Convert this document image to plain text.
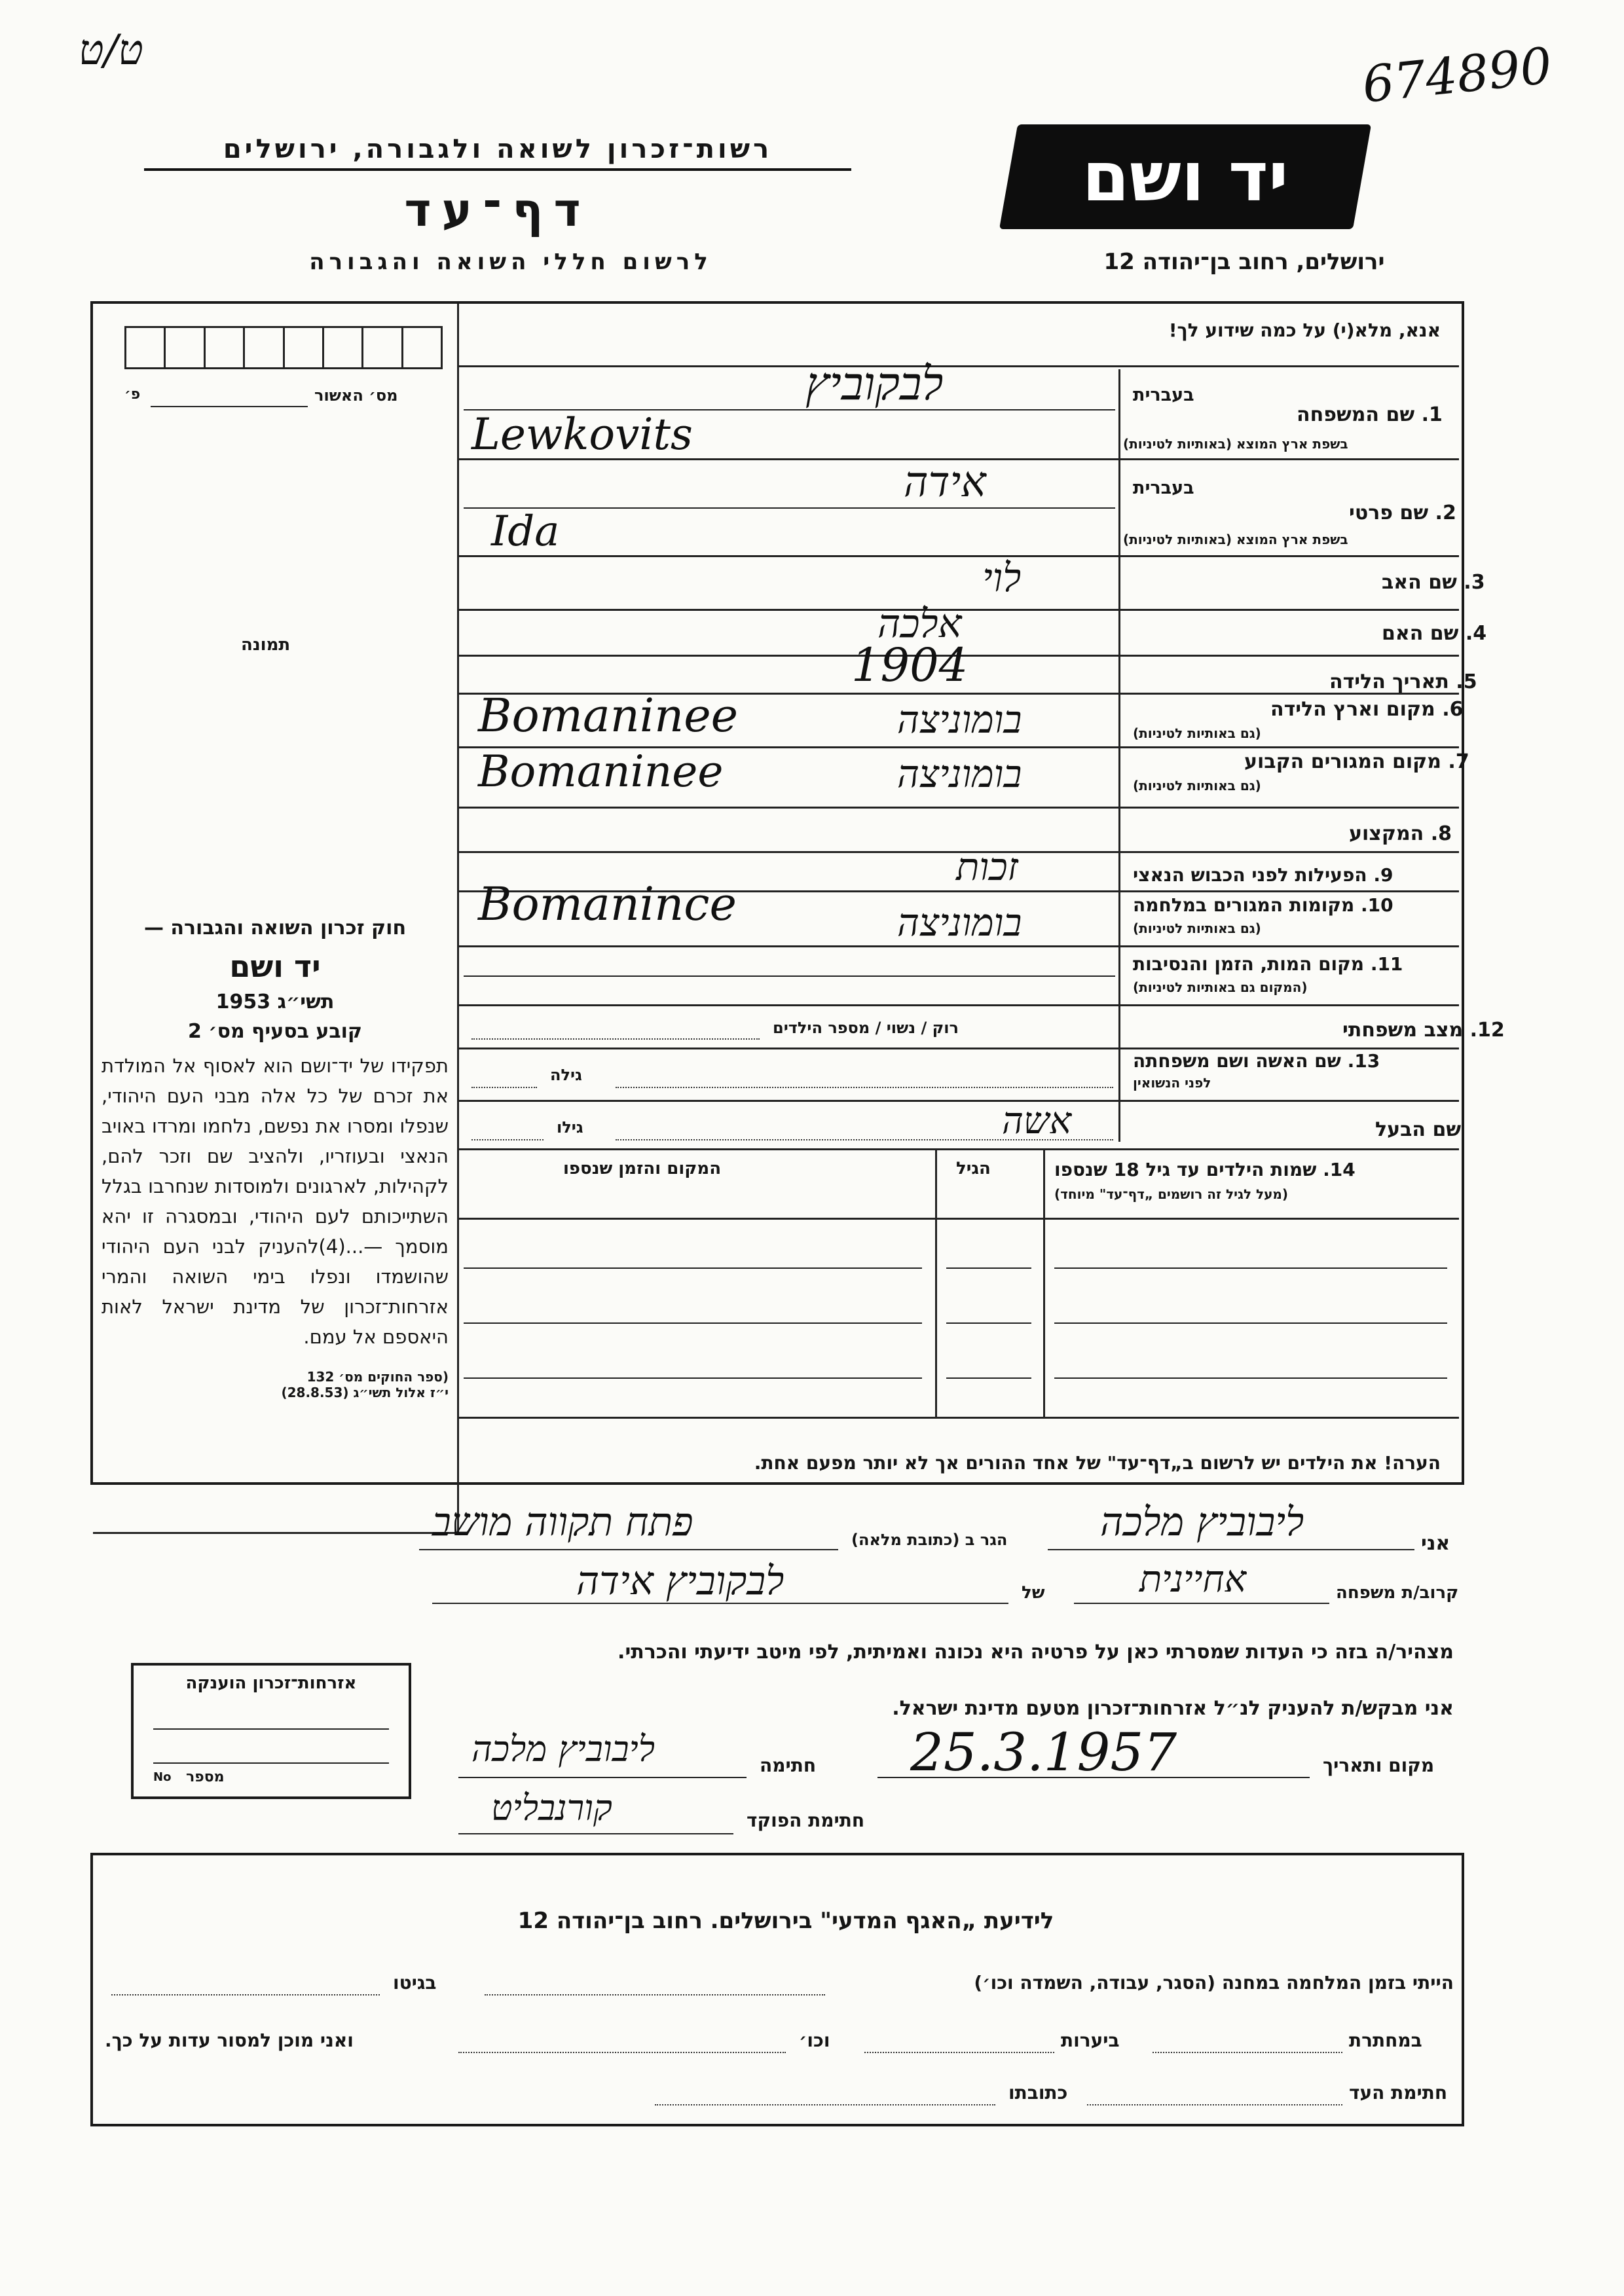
ט/ט	674890
רשות־זכרון לשואה ולגבורה, ירושלים
דף־עד
לרשום חללי השואה והגבורה
יד ושם
ירושלים, רחוב בן־יהודה 12
אנא, מלא(י) על כמה שידוע לך!
מס׳ האשור
פ׳
תמונה
בעברית
1. שם המשפחה
בשפת ארץ המוצא (באותיות לטיניות)
לבקוביץ
Lewkovits
בעברית
2. שם פרטי
בשפת ארץ המוצא (באותיות לטיניות)
אידה
Ida
3. שם האב
לוי
4. שם האם
אלכה
5. תאריך הלידה
1904
6. מקום וארץ הלידה
(גם באותיות לטיניות)
Bomaninee	בומוניצה
7. מקום המגורים הקבוע
(גם באותיות לטיניות)
Bomaninee	בומוניצה
8. המקצוע
9. הפעילות לפני הכבוש הנאצי
זכות
10. מקומות המגורים במלחמה
(גם באותיות לטיניות)
Bomanince	בומוניצה
11. מקום המות, הזמן והנסיבות
(המקום גם באותיות לטיניות)
12. מצב משפחתי
רוק / נשוי / מספר הילדים
13. שם האשה ושם משפחתה
לפני הנשואין
גילה
שם הבעל
אשה
גילו
14. שמות הילדים עד גיל 18 שנספו
(מעל לגיל זה רושמים „דף־עד" מיוחד)
הגיל
המקום והזמן שנספו
הערה! את הילדים יש לרשום ב„דף־עד" של אחד ההורים אך לא יותר מפעם אחת.

חוק זכרון השואה והגבורה —

יד ושם

תשי״ג 1953

קובע בסעיף מס׳ 2

תפקידו של יד־ושם הוא לאסוף אל המולדת את זכרם של כל אלה מבני העם היהודי, שנפלו ומסרו את נפשם, נלחמו ומרדו באויב הנאצי ובעוזריו, ולהציב שם וזכר להם, לקהילות, לארגונים ולמוסדות שנחרבו בגלל השתייכותם לעם היהודי, ובמסגרה זו יהא מוסמך —...(4)להעניק לבני העם היהודי שהושמדו ונפלו בימי השואה והמרי אזרחות־זכרון של מדינת ישראל לאות היאספם אל עמם.

(ספר החוקים מס׳ 132

י״ז אלול תשי״ג (28.8.53)

אני
ליבוביץ מלכה
הגר ב (כתובת מלאה)
פתח תקווה מושב
קרוב/ת משפחה
אחיינית
של
לבקוביץ אידה
מצהיר/ה בזה כי העדות שמסרתי כאן על פרטיה היא נכונה ואמיתית, לפי מיטב ידיעתי והכרתי.
אני מבקש/ת להעניק לנ״ל אזרחות־זכרון מטעם מדינת ישראל.
מקום ותאריך
25.3.1957
חתימה
ליבוביץ מלכה
חתימת הפוקד
קורנבליט
אזרחות־זכרון הוענקה
מספר
No
לידיעת „האגף המדעי" בירושלים. רחוב בן־יהודה 12
הייתי בזמן המלחמה במחנה (הסגר, עבודה, השמדה וכו׳)
בגיטו
במחתרת
ביערות
וכו׳
ואני מוכן למסור עדות על כך.
חתימת העד
כתובתו
